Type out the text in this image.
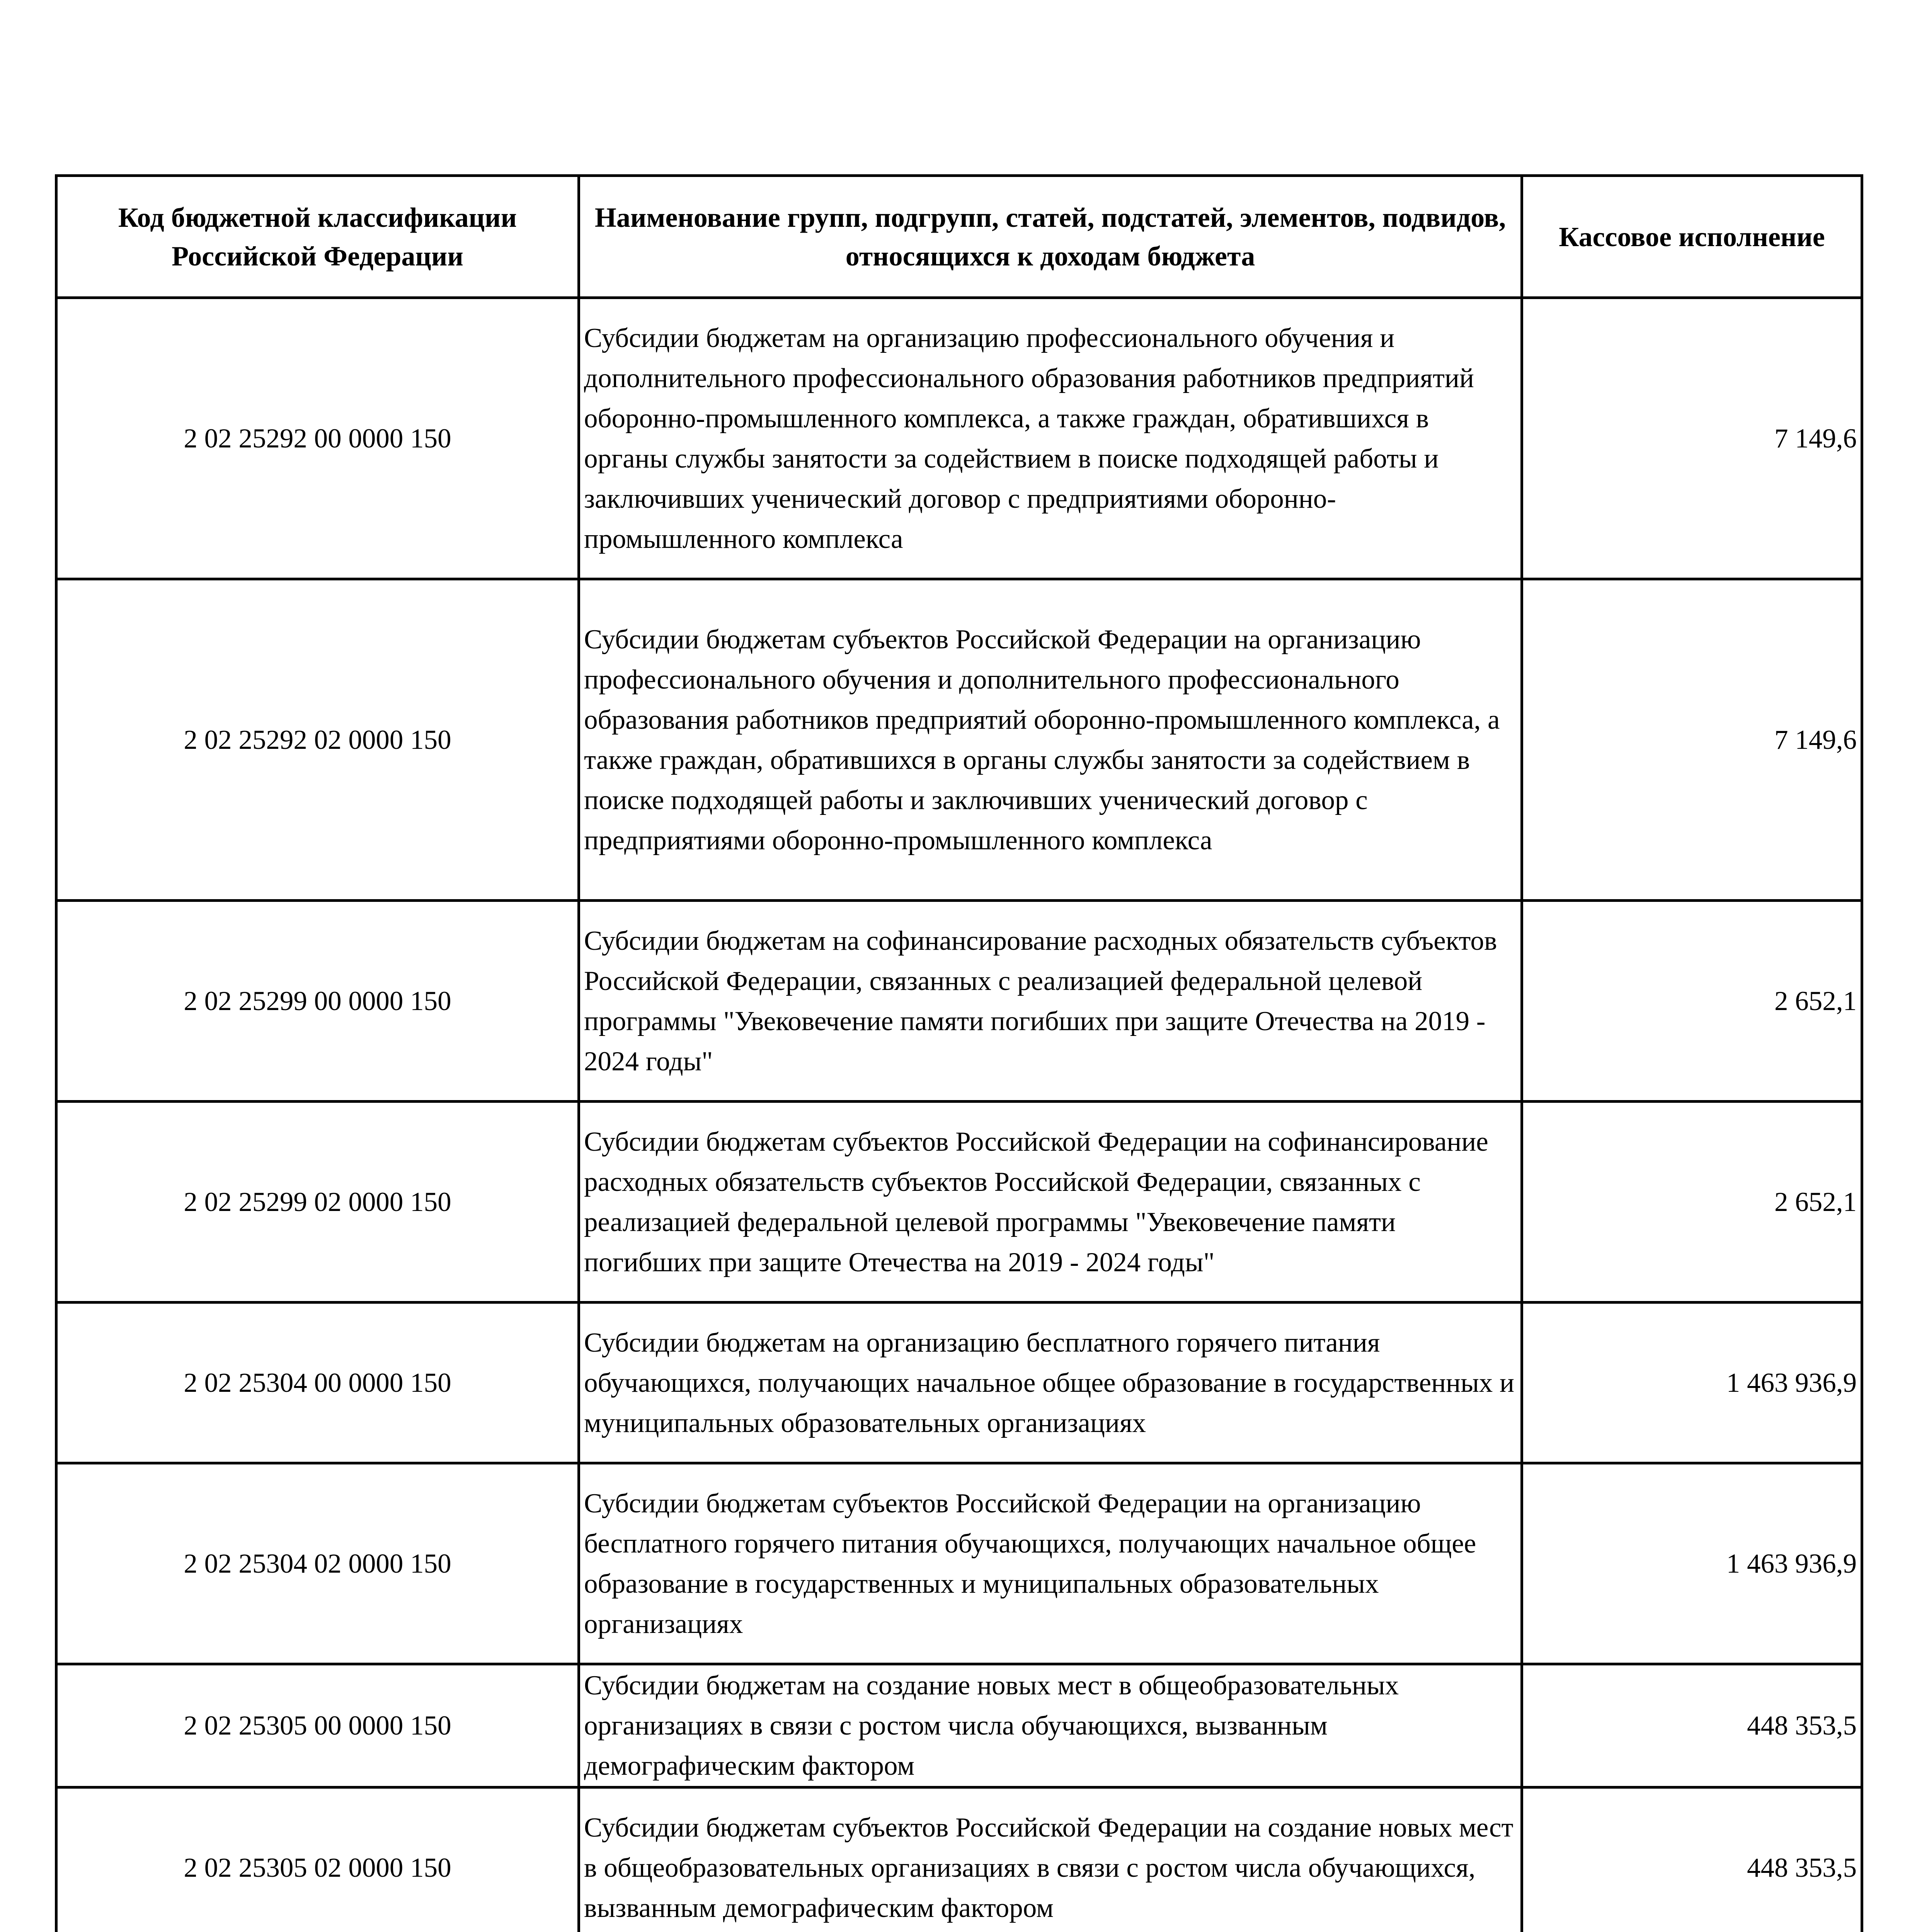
Код бюджетной классификации Российской Федерации	Наименование групп, подгрупп, статей, подстатей, элементов, подвидов, относящихся к доходам бюджета	Кассовое исполнение
2 02 25292 00 0000 150	Субсидии бюджетам на организацию профессионального обучения и дополнительного профессионального образования работников предприятий оборонно-промышленного комплекса, а также граждан, обратившихся в органы службы занятости за содействием в поиске подходящей работы и заключивших ученический договор с предприятиями оборонно-промышленного комплекса	7 149,6
2 02 25292 02 0000 150	Субсидии бюджетам субъектов Российской Федерации на организацию профессионального обучения и дополнительного профессионального образования работников предприятий оборонно-промышленного комплекса, а также граждан, обратившихся в органы службы занятости за содействием в поиске подходящей работы и заключивших ученический договор с предприятиями оборонно-промышленного комплекса	7 149,6
2 02 25299 00 0000 150	Субсидии бюджетам на софинансирование расходных обязательств субъектов Российской Федерации, связанных с реализацией федеральной целевой программы "Увековечение памяти погибших при защите Отечества на 2019 - 2024 годы"	2 652,1
2 02 25299 02 0000 150	Субсидии бюджетам субъектов Российской Федерации на софинансирование расходных обязательств субъектов Российской Федерации, связанных с реализацией федеральной целевой программы "Увековечение памяти погибших при защите Отечества на 2019 - 2024 годы"	2 652,1
2 02 25304 00 0000 150	Субсидии бюджетам на организацию бесплатного горячего питания обучающихся, получающих начальное общее образование в государственных и муниципальных образовательных организациях	1 463 936,9
2 02 25304 02 0000 150	Субсидии бюджетам субъектов Российской Федерации на организацию бесплатного горячего питания обучающихся, получающих начальное общее образование в государственных и муниципальных образовательных организациях	1 463 936,9
2 02 25305 00 0000 150	Субсидии бюджетам на создание новых мест в общеобразовательных организациях в связи с ростом числа обучающихся, вызванным демографическим фактором	448 353,5
2 02 25305 02 0000 150	Субсидии бюджетам субъектов Российской Федерации на создание новых мест в общеобразовательных организациях в связи с ростом числа обучающихся, вызванным демографическим фактором	448 353,5
